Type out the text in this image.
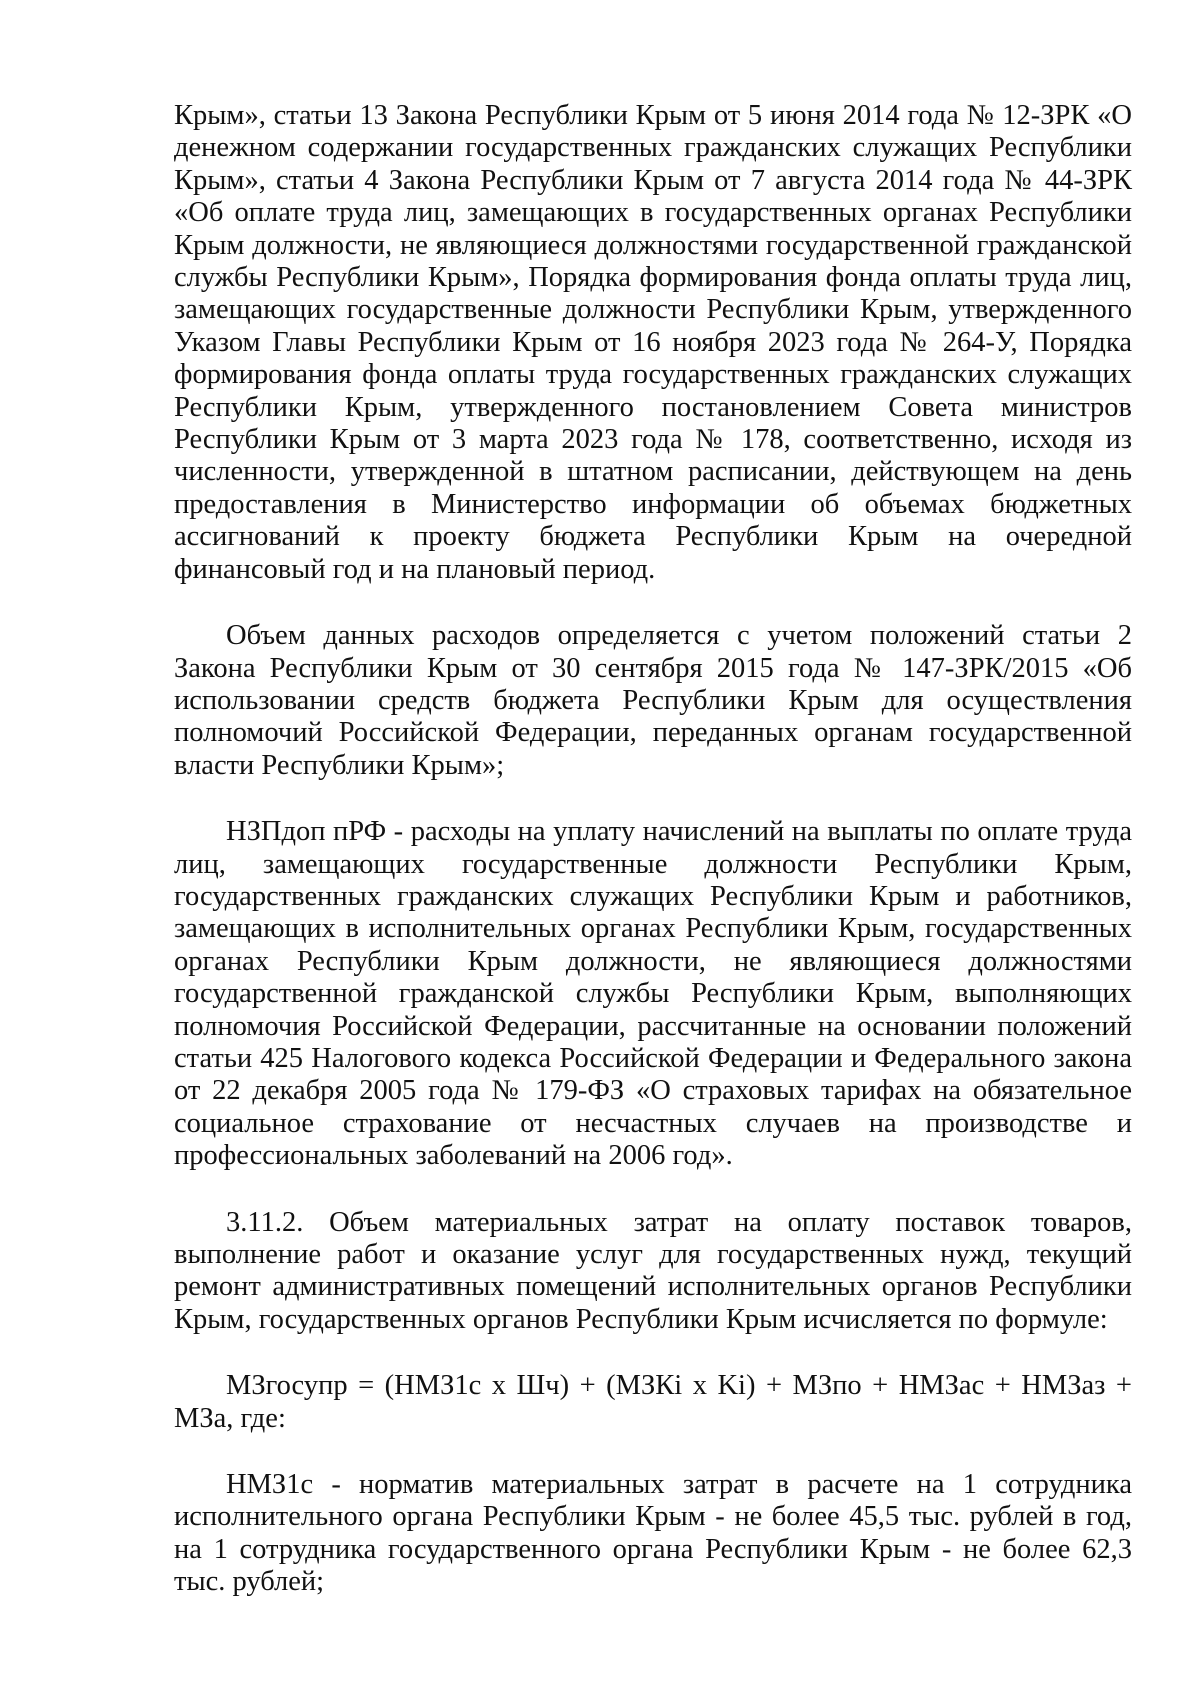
Крым», статьи 13 Закона Республики Крым от 5 июня 2014 года № 12-ЗРК «О денежном содержании государственных гражданских служащих Республики Крым», статьи 4 Закона Республики Крым от 7 августа 2014 года № 44-ЗРК «Об оплате труда лиц, замещающих в государственных органах Республики Крым должности, не являющиеся должностями государственной гражданской службы Республики Крым», Порядка формирования фонда оплаты труда лиц, замещающих государственные должности Республики Крым, утвержденного Указом Главы Республики Крым от 16 ноября 2023 года № 264-У, Порядка формирования фонда оплаты труда государственных гражданских служащих Республики Крым, утвержденного постановлением Совета министров Республики Крым от 3 марта 2023 года № 178, соответственно, исходя из численности, утвержденной в штатном расписании, действующем на день предоставления в Министерство информации об объемах бюджетных ассигнований к проекту бюджета Республики Крым на очередной финансовый год и на плановый период.

Объем данных расходов определяется с учетом положений статьи 2 Закона Республики Крым от 30 сентября 2015 года № 147-ЗРК/2015 «Об использовании средств бюджета Республики Крым для осуществления полномочий Российской Федерации, переданных органам государственной власти Республики Крым»;

НЗПдоп пРФ - расходы на уплату начислений на выплаты по оплате труда лиц, замещающих государственные должности Республики Крым, государственных гражданских служащих Республики Крым и работников, замещающих в исполнительных органах Республики Крым, государственных органах Республики Крым должности, не являющиеся должностями государственной гражданской службы Республики Крым, выполняющих полномочия Российской Федерации, рассчитанные на основании положений статьи 425 Налогового кодекса Российской Федерации и Федерального закона от 22 декабря 2005 года № 179-ФЗ «О страховых тарифах на обязательное социальное страхование от несчастных случаев на производстве и профессиональных заболеваний на 2006 год».

3.11.2. Объем материальных затрат на оплату поставок товаров, выполнение работ и оказание услуг для государственных нужд, текущий ремонт административных помещений исполнительных органов Республики Крым, государственных органов Республики Крым исчисляется по формуле:

МЗгосупр = (НМЗ1с x Шч) + (МЗКi x Ki) + МЗпо + НМЗас + НМЗаз + МЗа, где:

НМЗ1с - норматив материальных затрат в расчете на 1 сотрудника исполнительного органа Республики Крым - не более 45,5 тыс. рублей в год, на 1 сотрудника государственного органа Республики Крым - не более 62,3 тыс. рублей;
